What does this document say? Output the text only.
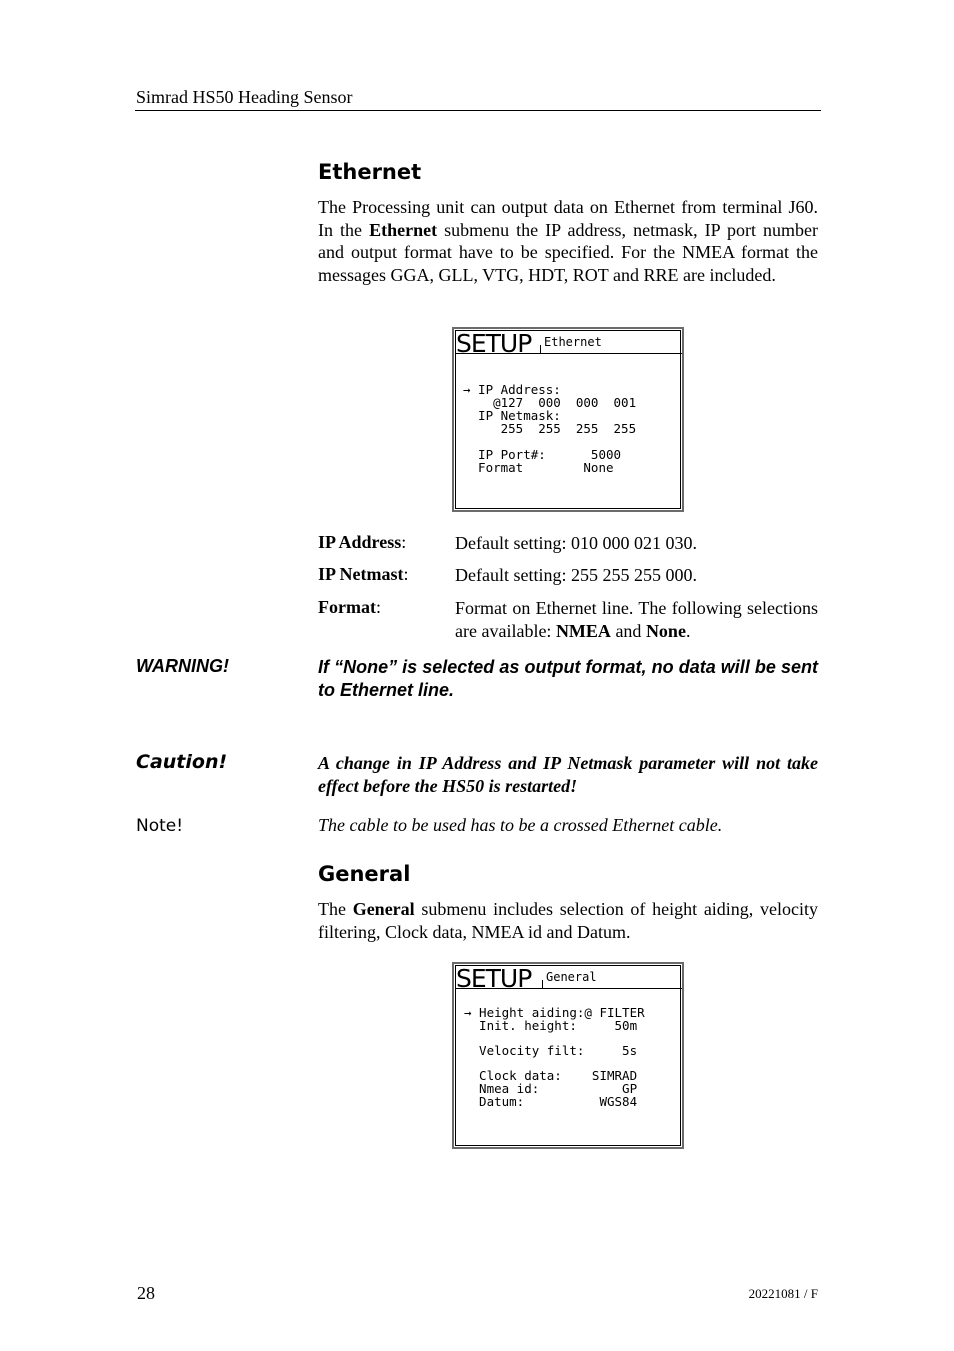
Simrad HS50 Heading Sensor
Ethernet
The Processing unit can output data on Ethernet from terminal J60. In the Ethernet submenu the IP address, netmask, IP port number and output format have to be specified. For the NMEA format the messages GGA, GLL, VTG, HDT, ROT and RRE are included.
SETUP Ethernet
→ IP Address:
@127  000  000  001
IP Netmask:
255  255  255  255
IP Port#:      5000
Format        None
IP Address:	Default setting: 010 000 021 030.
IP Netmast:	Default setting: 255 255 255 000.
Format:	Format on Ethernet line. The following selections are available: NMEA and None.
WARNING!	If “None” is selected as output format, no data will be sent to Ethernet line.
Caution!	A change in IP Address and IP Netmask parameter will not take effect before the HS50 is restarted!
Note!	The cable to be used has to be a crossed Ethernet cable.
General
The General submenu includes selection of height aiding, velocity filtering, Clock data, NMEA id and Datum.
SETUP General
→ Height aiding:@ FILTER
Init. height:     50m
Velocity filt:     5s
Clock data:    SIMRAD
Nmea id:           GP
Datum:          WGS84
28	20221081 / F
